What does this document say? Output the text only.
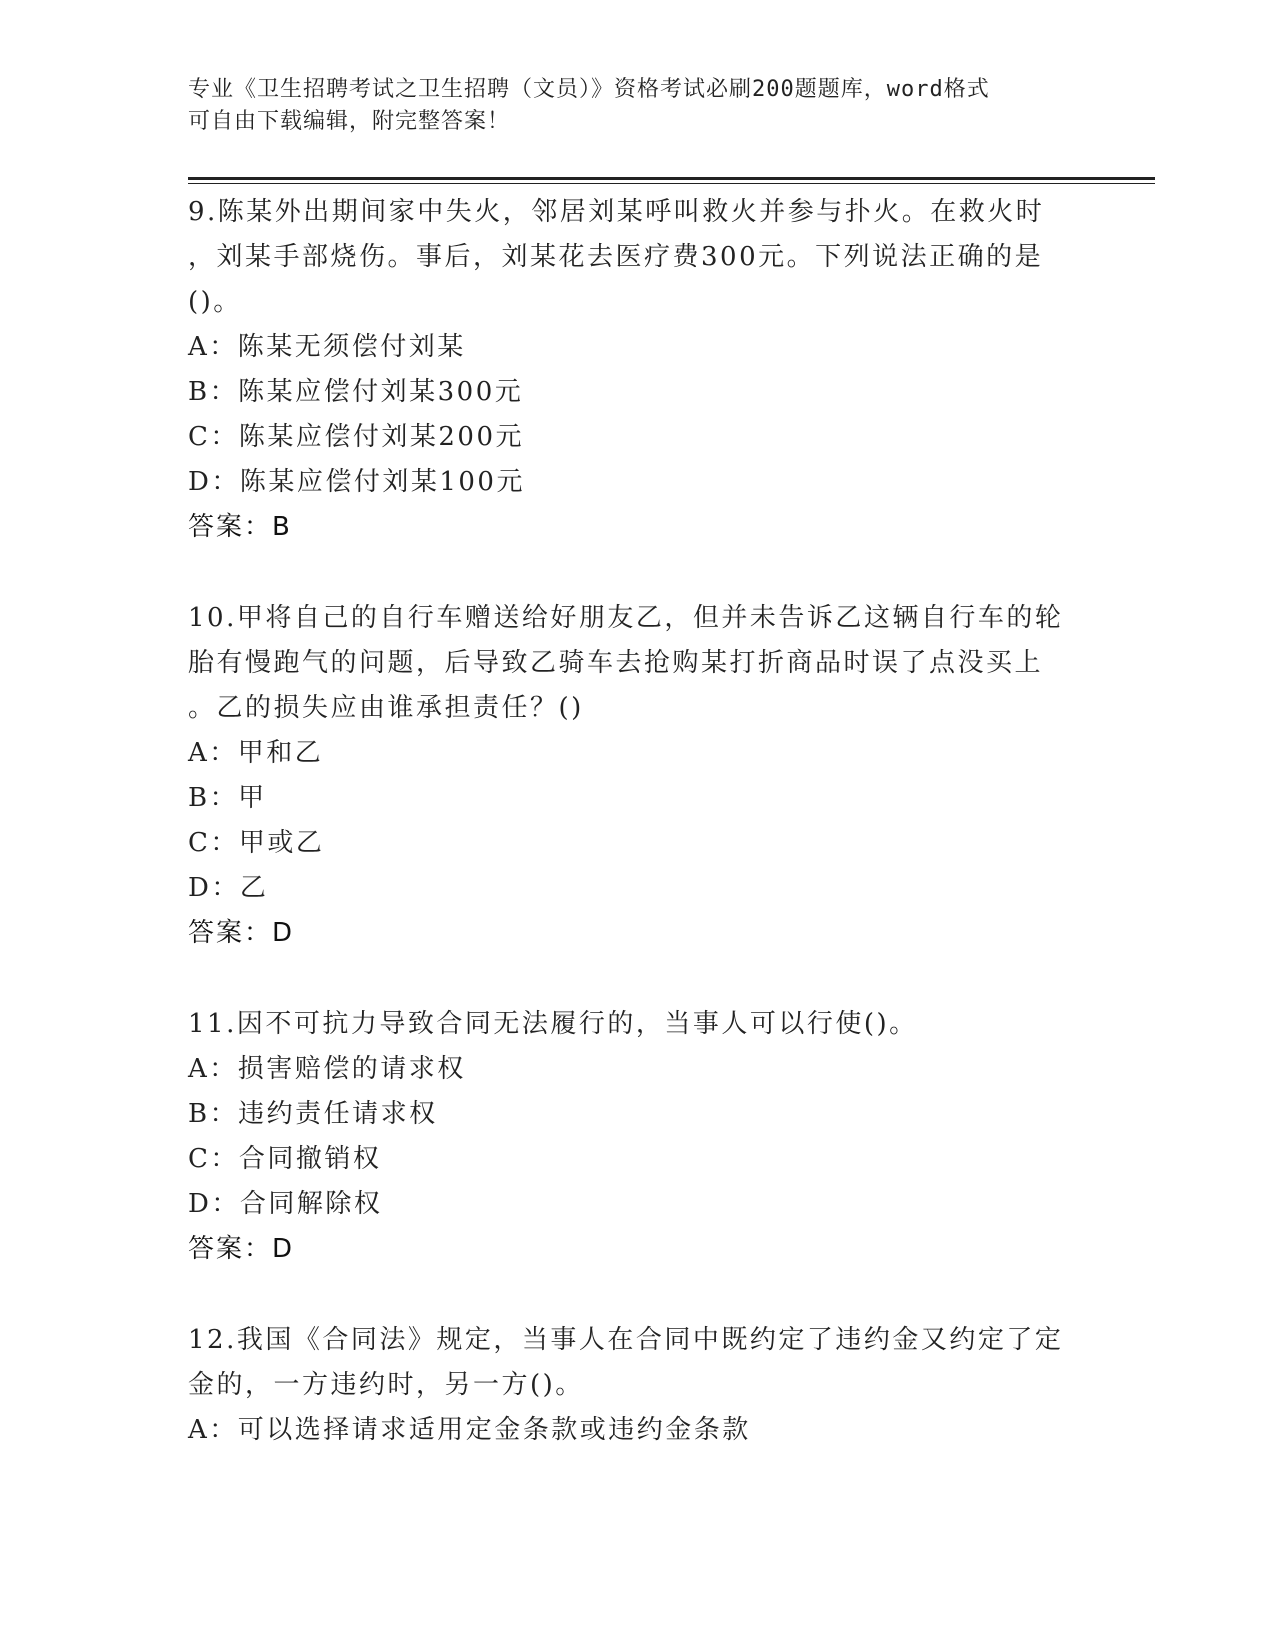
专业《卫生招聘考试之卫生招聘（文员）》资格考试必刷200题题库，word格式
可自由下载编辑，附完整答案！
9.陈某外出期间家中失火，邻居刘某呼叫救火并参与扑火。在救火时
，刘某手部烧伤。事后，刘某花去医疗费300元。下列说法正确的是
()。
A：陈某无须偿付刘某
B：陈某应偿付刘某300元
C：陈某应偿付刘某200元
D：陈某应偿付刘某100元
答案：B
10.甲将自己的自行车赠送给好朋友乙，但并未告诉乙这辆自行车的轮
胎有慢跑气的问题，后导致乙骑车去抢购某打折商品时误了点没买上
。乙的损失应由谁承担责任？()
A：甲和乙
B：甲
C：甲或乙
D：乙
答案：D
11.因不可抗力导致合同无法履行的，当事人可以行使()。
A：损害赔偿的请求权
B：违约责任请求权
C：合同撤销权
D：合同解除权
答案：D
12.我国《合同法》规定，当事人在合同中既约定了违约金又约定了定
金的，一方违约时，另一方()。
A：可以选择请求适用定金条款或违约金条款
